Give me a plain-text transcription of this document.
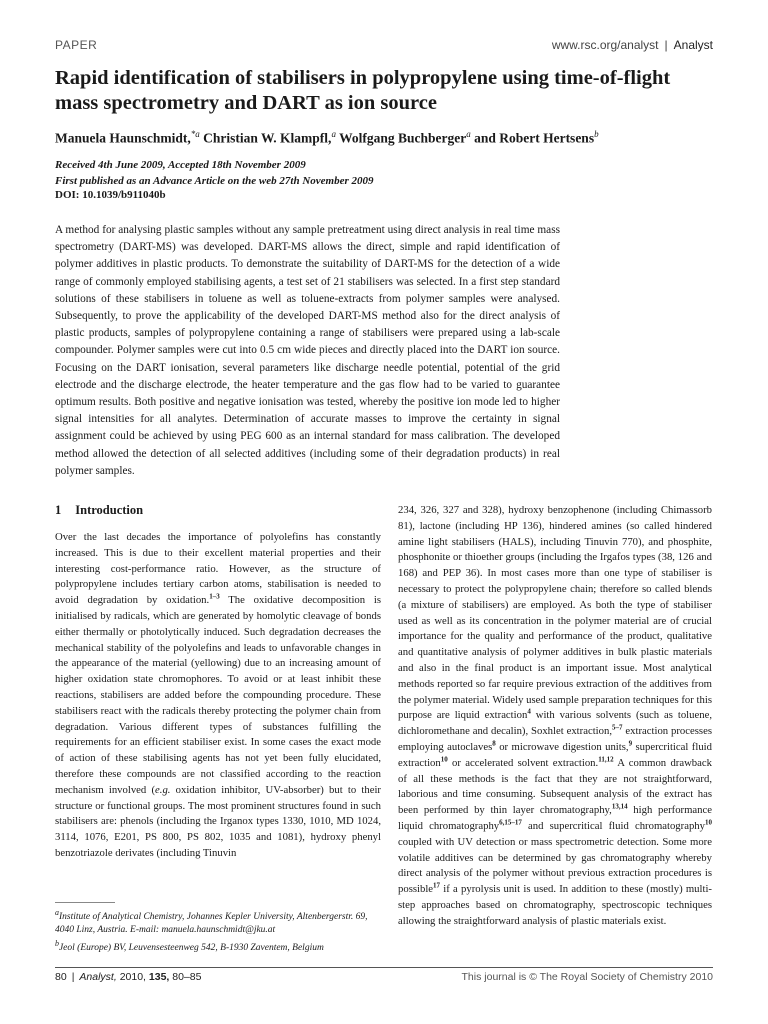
PAPER	www.rsc.org/analyst | Analyst
Rapid identification of stabilisers in polypropylene using time-of-flight mass spectrometry and DART as ion source
Manuela Haunschmidt,$^{*a}$ Christian W. Klampfl,$^a$ Wolfgang Buchberger$^a$ and Robert Hertsens$^b$
Received 4th June 2009, Accepted 18th November 2009
First published as an Advance Article on the web 27th November 2009
DOI: 10.1039/b911040b
A method for analysing plastic samples without any sample pretreatment using direct analysis in real time mass spectrometry (DART-MS) was developed. DART-MS allows the direct, simple and rapid identification of polymer additives in plastic products. To demonstrate the suitability of DART-MS for the detection of a wide range of commonly employed stabilising agents, a test set of 21 stabilisers was selected. In a first step standard solutions of these stabilisers in toluene as well as toluene-extracts from polymer samples were analysed. Subsequently, to prove the applicability of the developed DART-MS method also for the direct analysis of plastic products, samples of polypropylene containing a range of stabilisers were prepared using a lab-scale compounder. Polymer samples were cut into 0.5 cm wide pieces and directly placed into the DART ion source. Focusing on the DART ionisation, several parameters like discharge needle potential, potential of the grid electrode and the discharge electrode, the heater temperature and the gas flow had to be varied to guarantee optimum results. Both positive and negative ionisation was tested, whereby the positive ion mode led to higher signal intensities for all analytes. Determination of accurate masses to improve the certainty in signal assignment could be achieved by using PEG 600 as an internal standard for mass calibration. The developed method allowed the detection of all selected additives (including some of their degradation products) in real polymer samples.
1 Introduction
Over the last decades the importance of polyolefins has constantly increased. This is due to their excellent material properties and their interesting cost-performance ratio. However, as the structure of polypropylene includes tertiary carbon atoms, stabilisation is needed to avoid degradation by oxidation.$^{1-3}$ The oxidative decomposition is initialised by radicals, which are generated by homolytic cleavage of bonds either thermally or photolytically induced. Such degradation decreases the mechanical stability of the polyolefins and leads to unfavorable changes in the appearance of the material (yellowing) due to an increasing amount of higher oxidation state chromophores. To avoid or at least inhibit these reactions, stabilisers are added before the compounding procedure. These stabilisers react with the radicals thereby protecting the polymer chain from degradation. Various different types of substances fulfilling the requirements for an efficient stabiliser exist. In some cases the exact mode of action of these stabilising agents has not yet been fully elucidated, therefore these compounds are not classified according to the reaction mechanism involved (e.g. oxidation inhibitor, UV-absorber) but to their structure or functional groups. The most prominent structures found in such stabilisers are: phenols (including the Irganox types 1330, 1010, MD 1024, 3114, 1076, E201, PS 800, PS 802, 1035 and 1081), hydroxy phenyl benzotriazole derivates (including Tinuvin
234, 326, 327 and 328), hydroxy benzophenone (including Chimassorb 81), lactone (including HP 136), hindered amines (so called hindered amine light stabilisers (HALS), including Tinuvin 770), and phosphite, phosphonite or thioether groups (including the Irgafos types (38, 126 and 168) and PEP 36). In most cases more than one type of stabiliser is necessary to protect the polypropylene chain; therefore so called blends (a mixture of stabilisers) are employed. As both the type of stabiliser used as well as its concentration in the polymer material are of crucial importance for the quality and performance of the product, qualitative and quantitative analysis of polymer additives in bulk plastic materials and also in the final product is an important issue. Most analytical methods reported so far require previous extraction of the additives from the polymer material. Widely used sample preparation techniques for this purpose are liquid extraction$^4$ with various solvents (such as toluene, dichloromethane and decalin), Soxhlet extraction,$^{5-7}$ extraction processes employing autoclaves$^8$ or microwave digestion units,$^9$ supercritical fluid extraction$^{10}$ or accelerated solvent extraction.$^{11,12}$ A common drawback of all these methods is the fact that they are not straightforward, laborious and time consuming. Subsequent analysis of the extract has been performed by thin layer chromatography,$^{13,14}$ high performance liquid chromatography$^{6,15-17}$ and supercritical fluid chromatography$^{10}$ coupled with UV detection or mass spectrometric detection. Some more volatile additives can be determined by gas chromatography whereby direct analysis of the polymer without previous extraction procedures is possible$^{17}$ if a pyrolysis unit is used. In addition to these (mostly) multi-step approaches based on chromatography, spectroscopic techniques allowing the straightforward analysis of plastic materials exist.

$^a$Institute of Analytical Chemistry, Johannes Kepler University, Altenbergerstr. 69, 4040 Linz, Austria. E-mail: manuela.haunschmidt@jku.at

$^b$Jeol (Europe) BV, Leuvensesteenweg 542, B-1930 Zaventem, Belgium

80 | Analyst, 2010, 135, 80–85	This journal is © The Royal Society of Chemistry 2010
